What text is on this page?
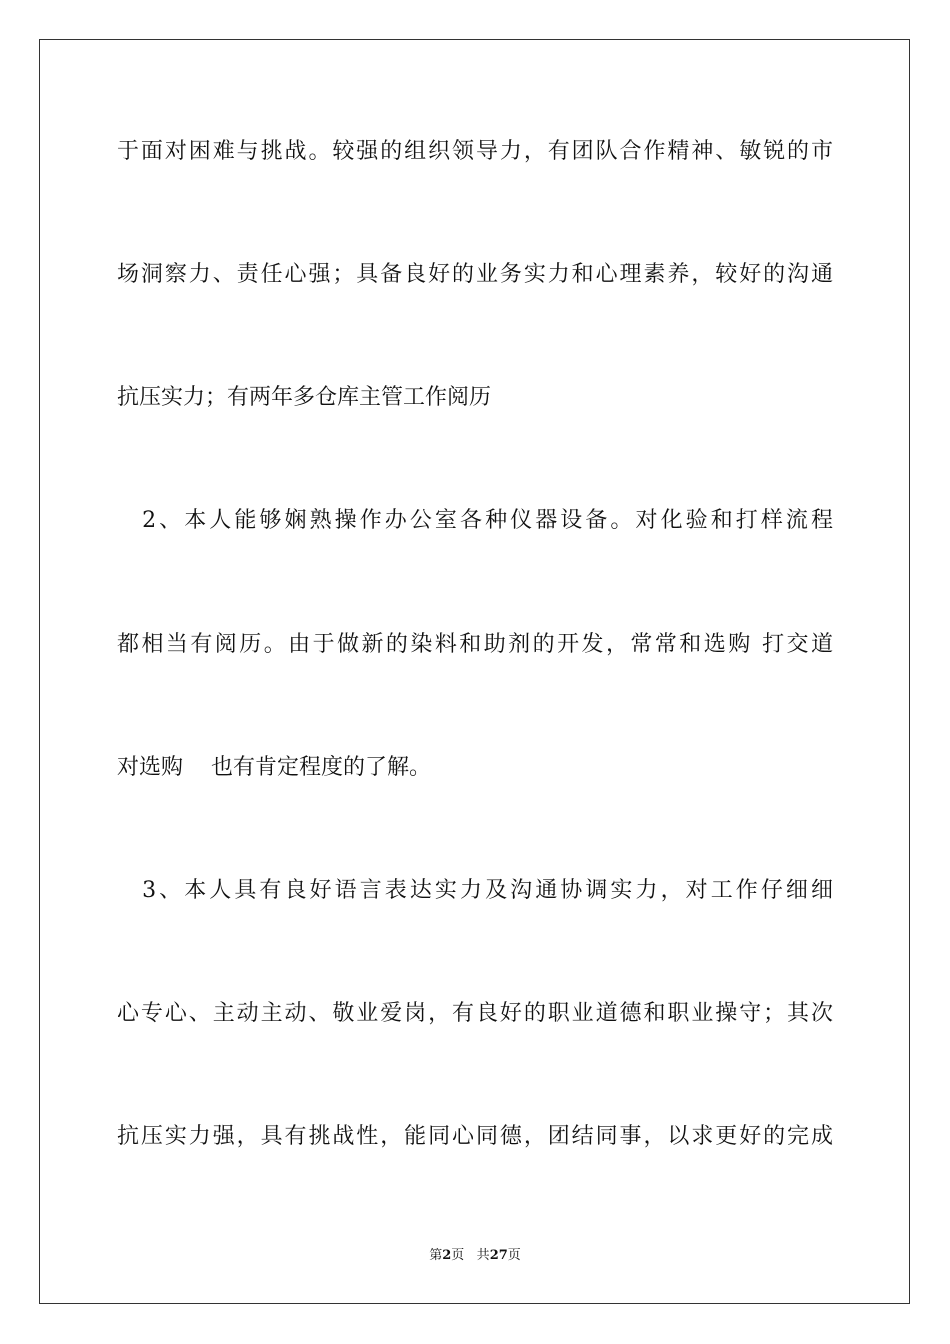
于面对困难与挑战。较强的组织领导力，有团队合作精神、敏锐的市
场洞察力、责任心强；具备良好的业务实力和心理素养，较好的沟通
抗压实力；有两年多仓库主管工作阅历
　2、本人能够娴熟操作办公室各种仪器设备。对化验和打样流程
都相当有阅历。由于做新的染料和助剂的开发，常常和选购 打交道
对选购 也有肯定程度的了解。
　3、本人具有良好语言表达实力及沟通协调实力，对工作仔细细
心专心、主动主动、敬业爱岗，有良好的职业道德和职业操守；其次
抗压实力强，具有挑战性，能同心同德，团结同事，以求更好的完成
第2页 共27页
